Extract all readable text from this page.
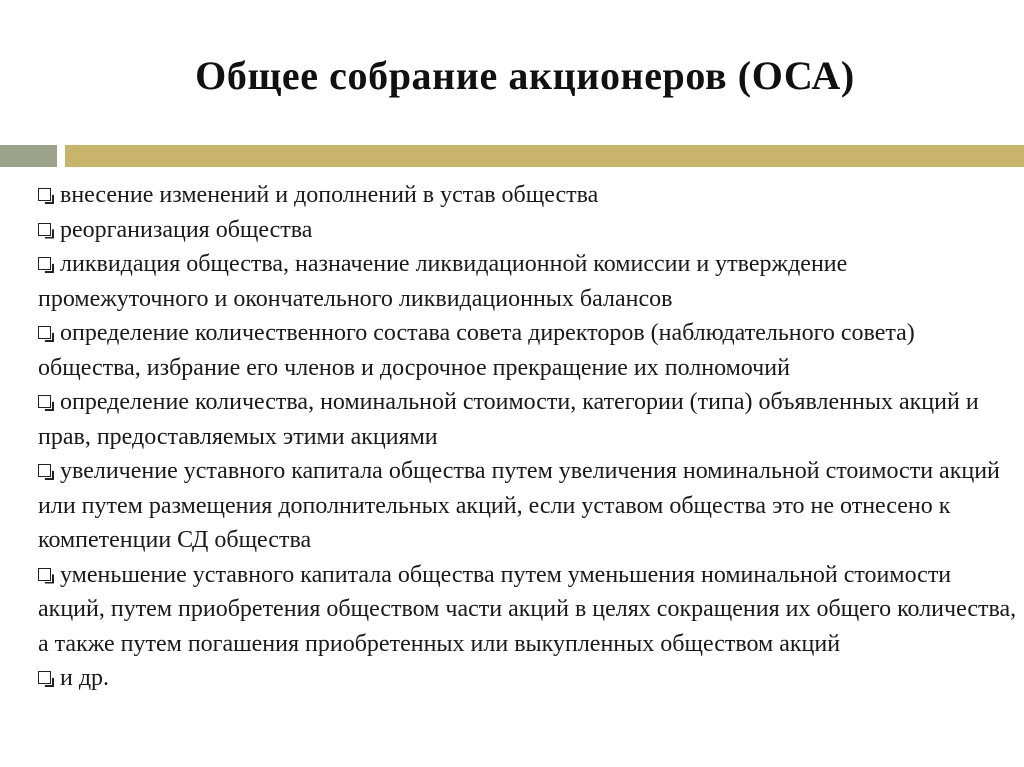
Общее собрание акционеров (ОСА)
внесение изменений и дополнений в устав общества
реорганизация общества
ликвидация общества, назначение ликвидационной комиссии и утверждение промежуточного и окончательного ликвидационных балансов
определение количественного состава совета директоров (наблюдательного совета) общества, избрание его членов и досрочное прекращение их полномочий
определение количества, номинальной стоимости, категории (типа) объявленных акций и прав, предоставляемых этими акциями
увеличение уставного капитала общества путем увеличения номинальной стоимости акций или путем размещения дополнительных акций, если уставом общества это не отнесено к компетенции СД общества
уменьшение уставного капитала общества путем уменьшения номинальной стоимости акций, путем приобретения обществом части акций в целях сокращения их общего количества, а также путем погашения приобретенных или выкупленных обществом акций
и др.
